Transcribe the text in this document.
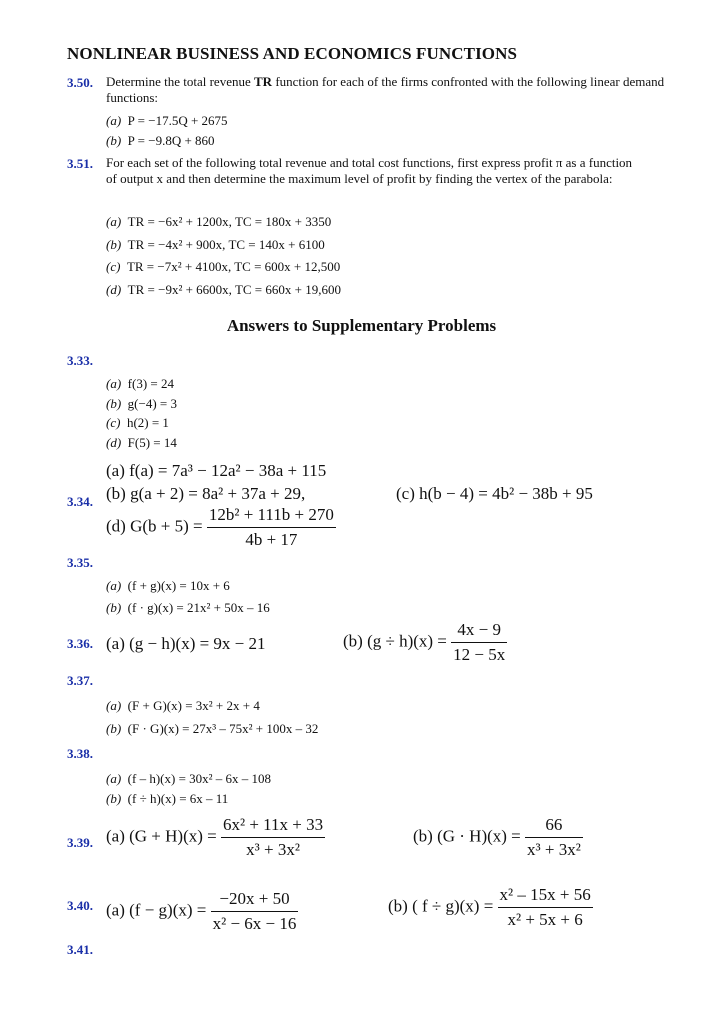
NONLINEAR BUSINESS AND ECONOMICS FUNCTIONS
3.50. Determine the total revenue TR function for each of the firms confronted with the following linear demand functions:
(a) P = −17.5Q + 2675
(b) P = −9.8Q + 860
3.51. For each set of the following total revenue and total cost functions, first express profit π as a function of output x and then determine the maximum level of profit by finding the vertex of the parabola:
(a) TR = −6x² + 1200x, TC = 180x + 3350
(b) TR = −4x² + 900x, TC = 140x + 6100
(c) TR = −7x² + 4100x, TC = 600x + 12,500
(d) TR = −9x² + 6600x, TC = 660x + 19,600
Answers to Supplementary Problems
3.33.
(a) f(3) = 24
(b) g(−4) = 3
(c) h(2) = 1
(d) F(5) = 14
3.34.
(a) f(a) = 7a³ − 12a² − 38a + 115
(b) g(a + 2) = 8a² + 37a + 29,	(c) h(b − 4) = 4b² − 38b + 95
(d) $G(b + 5) = \frac{\text{12b² + 111b + 270}}{4b + 17}$
3.35.
(a) (f + g)(x) = 10x + 6
(b) (f · g)(x) = 21x² + 50x – 16
3.36. (a) (g − h)(x) = 9x − 21	(b) $(g \div h)(x) = \frac{4x - 9}{12 - 5x}$
3.37.
(a) (F + G)(x) = 3x² + 2x + 4
(b) (F · G)(x) = 27x³ – 75x² + 100x – 32
3.38.
(a) (f – h)(x) = 30x² – 6x – 108
(b) (f ÷ h)(x) = 6x – 11
3.39. (a) $(G + H)(x) = \frac{\text{6x² + 11x + 33}}{\text{x³ + 3x²}}$	(b) $(G \cdot H)(x) = \frac{66}{\text{x³ + 3x²}}$
3.40. (a) $(f - g)(x) = \frac{-20x + 50}{\text{x² − 6x − 16}}$	(b) ( $f \div g)(x) = \frac{\text{x² – 15x + 56}}{\text{x² + 5x + 6}}$
3.41.
